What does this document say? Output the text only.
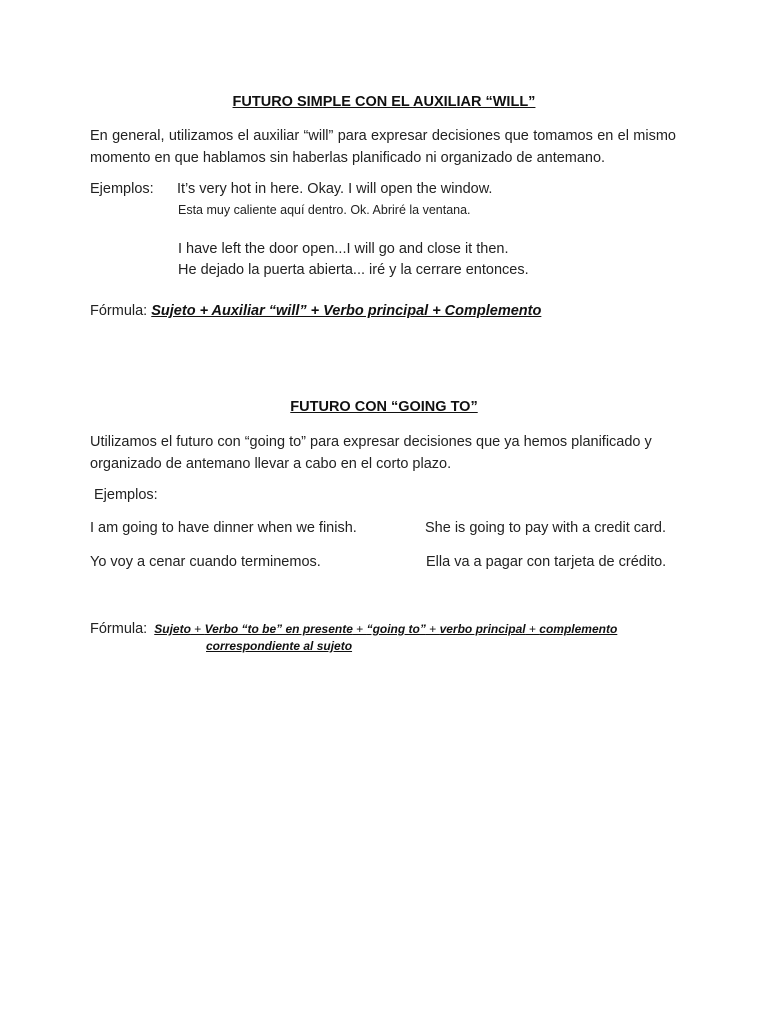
FUTURO SIMPLE CON EL AUXILIAR “WILL”
En general, utilizamos el auxiliar “will” para expresar decisiones que tomamos en el mismo momento en que hablamos sin haberlas planificado ni organizado de antemano.
Ejemplos: It’s very hot in here. Okay. I will open the window.
Esta muy caliente aquí dentro. Ok. Abriré la ventana.
I have left the door open...I will go and close it then.
He dejado la puerta abierta... iré y la cerrare entonces.
Fórmula: Sujeto + Auxiliar “will” + Verbo principal + Complemento
FUTURO CON “GOING TO”
Utilizamos el futuro con “going to” para expresar decisiones que ya hemos planificado y organizado de antemano llevar a cabo en el corto plazo.
Ejemplos:
I am going to have dinner when we finish.	She is going to pay with a credit card.
Yo voy a cenar cuando terminemos.	Ella va a pagar con tarjeta de crédito.
Fórmula: Sujeto + Verbo “to be” en presente + “going to” + verbo principal + complemento
correspondiente al sujeto
